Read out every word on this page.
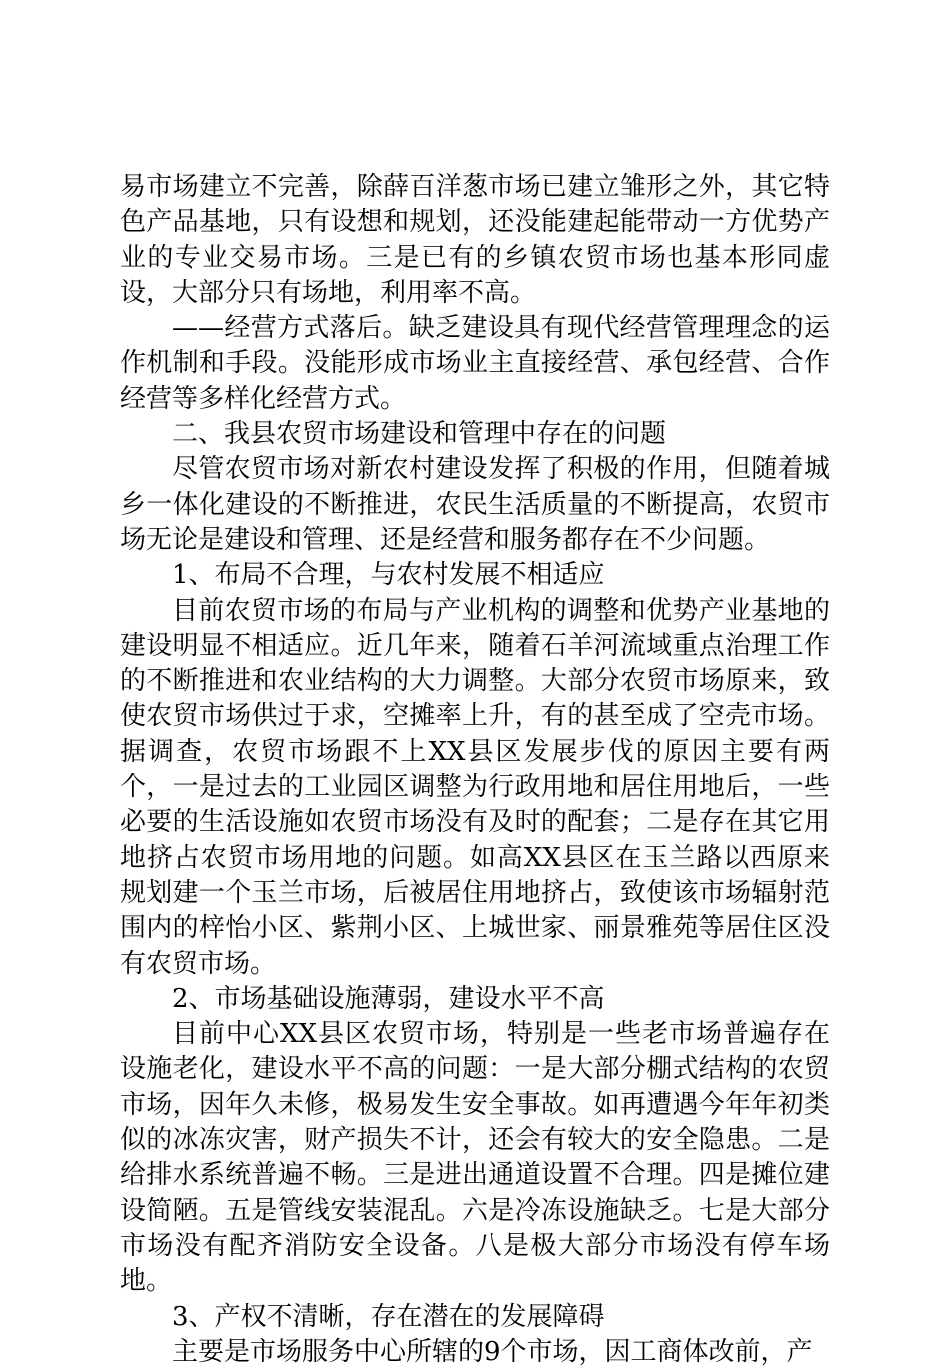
易市场建立不完善，除薛百洋葱市场已建立雏形之外，其它特色产品基地，只有设想和规划，还没能建起能带动一方优势产业的专业交易市场。三是已有的乡镇农贸市场也基本形同虚设，大部分只有场地，利用率不高。

——经营方式落后。缺乏建设具有现代经营管理理念的运作机制和手段。没能形成市场业主直接经营、承包经营、合作经营等多样化经营方式。

二、我县农贸市场建设和管理中存在的问题

尽管农贸市场对新农村建设发挥了积极的作用，但随着城乡一体化建设的不断推进，农民生活质量的不断提高，农贸市场无论是建设和管理、还是经营和服务都存在不少问题。

1、布局不合理，与农村发展不相适应

目前农贸市场的布局与产业机构的调整和优势产业基地的建设明显不相适应。近几年来，随着石羊河流域重点治理工作的不断推进和农业结构的大力调整。大部分农贸市场原来，致使农贸市场供过于求，空摊率上升，有的甚至成了空壳市场。据调查，农贸市场跟不上XX县区发展步伐的原因主要有两个，一是过去的工业园区调整为行政用地和居住用地后，一些必要的生活设施如农贸市场没有及时的配套；二是存在其它用地挤占农贸市场用地的问题。如高XX县区在玉兰路以西原来规划建一个玉兰市场，后被居住用地挤占，致使该市场辐射范围内的梓怡小区、紫荆小区、上城世家、丽景雅苑等居住区没有农贸市场。

2、市场基础设施薄弱，建设水平不高

目前中心XX县区农贸市场，特别是一些老市场普遍存在设施老化，建设水平不高的问题：一是大部分棚式结构的农贸市场，因年久未修，极易发生安全事故。如再遭遇今年年初类似的冰冻灾害，财产损失不计，还会有较大的安全隐患。二是给排水系统普遍不畅。三是进出通道设置不合理。四是摊位建设简陋。五是管线安装混乱。六是冷冻设施缺乏。七是大部分市场没有配齐消防安全设备。八是极大部分市场没有停车场地。

3、产权不清晰，存在潜在的发展障碍

主要是市场服务中心所辖的9个市场，因工商体改前，产
